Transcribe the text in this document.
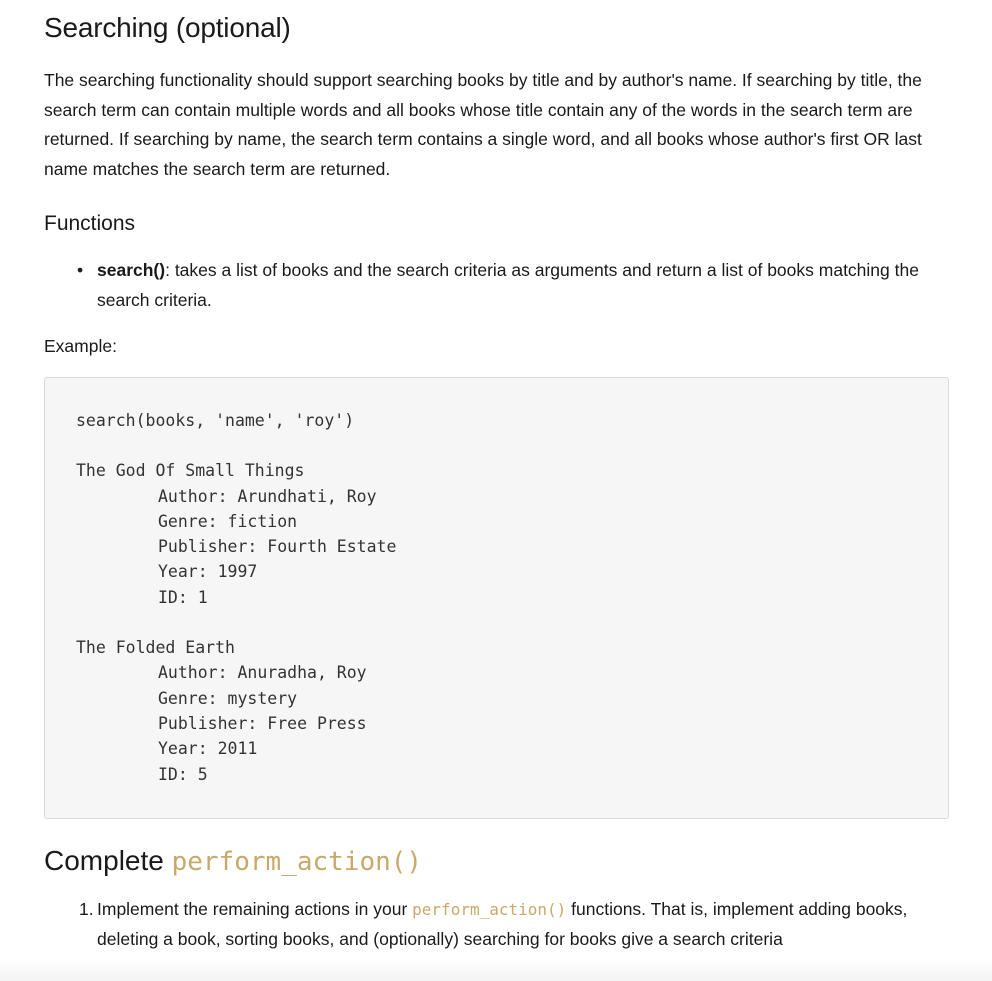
Searching (optional)

The searching functionality should support searching books by title and by author's name. If searching by title, the search term can contain multiple words and all books whose title contain any of the words in the search term are returned. If searching by name, the search term contains a single word, and all books whose author's first OR last name matches the search term are returned.

Functions
• search(): takes a list of books and the search criteria as arguments and return a list of books matching the search criteria.

Example:

search(books, 'name', 'roy')
The God Of Small Things
Author: Arundhati, Roy
Genre: fiction
Publisher: Fourth Estate
Year: 1997
ID: 1
The Folded Earth
Author: Anuradha, Roy
Genre: mystery
Publisher: Free Press
Year: 2011
ID: 5
Complete perform_action()
1. Implement the remaining actions in your perform_action() functions. That is, implement adding books, deleting a book, sorting books, and (optionally) searching for books give a search criteria
